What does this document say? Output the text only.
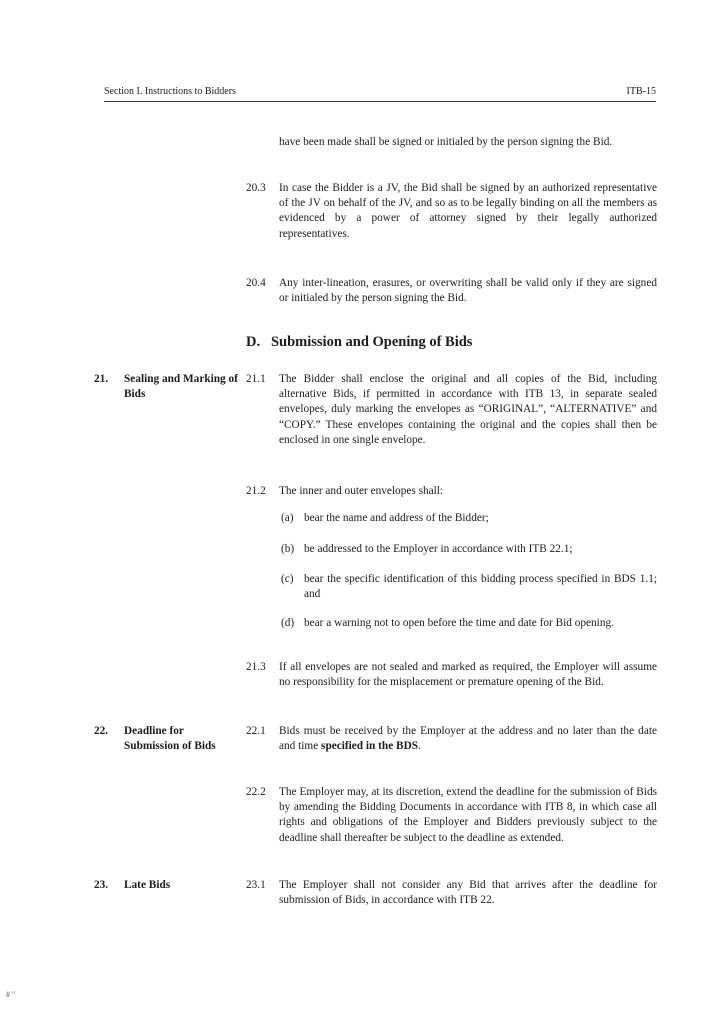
Section I. Instructions to Bidders	ITB-15

have been made shall be signed or initialed by the person signing the Bid.
20.3 In case the Bidder is a JV, the Bid shall be signed by an authorized representative of the JV on behalf of the JV, and so as to be legally binding on all the members as evidenced by a power of attorney signed by their legally authorized representatives.
20.4 Any inter-lineation, erasures, or overwriting shall be valid only if they are signed or initialed by the person signing the Bid.
D.   Submission and Opening of Bids
21. Sealing and Marking of Bids
21.1 The Bidder shall enclose the original and all copies of the Bid, including alternative Bids, if permitted in accordance with ITB 13, in separate sealed envelopes, duly marking the envelopes as “ORIGINAL”, “ALTERNATIVE” and “COPY.” These envelopes containing the original and the copies shall then be enclosed in one single envelope.
21.2 The inner and outer envelopes shall:
(a) bear the name and address of the Bidder;
(b) be addressed to the Employer in accordance with ITB 22.1;
(c) bear the specific identification of this bidding process specified in BDS 1.1; and
(d) bear a warning not to open before the time and date for Bid opening.
21.3 If all envelopes are not sealed and marked as required, the Employer will assume no responsibility for the misplacement or premature opening of the Bid.
22. Deadline for Submission of Bids
22.1 Bids must be received by the Employer at the address and no later than the date and time specified in the BDS.
22.2 The Employer may, at its discretion, extend the deadline for the submission of Bids by amending the Bidding Documents in accordance with ITB 8, in which case all rights and obligations of the Employer and Bidders previously subject to the deadline shall thereafter be subject to the deadline as extended.
23. Late Bids	23.1 The Employer shall not consider any Bid that arrives after the deadline for submission of Bids, in accordance with ITB 22.
# ''
